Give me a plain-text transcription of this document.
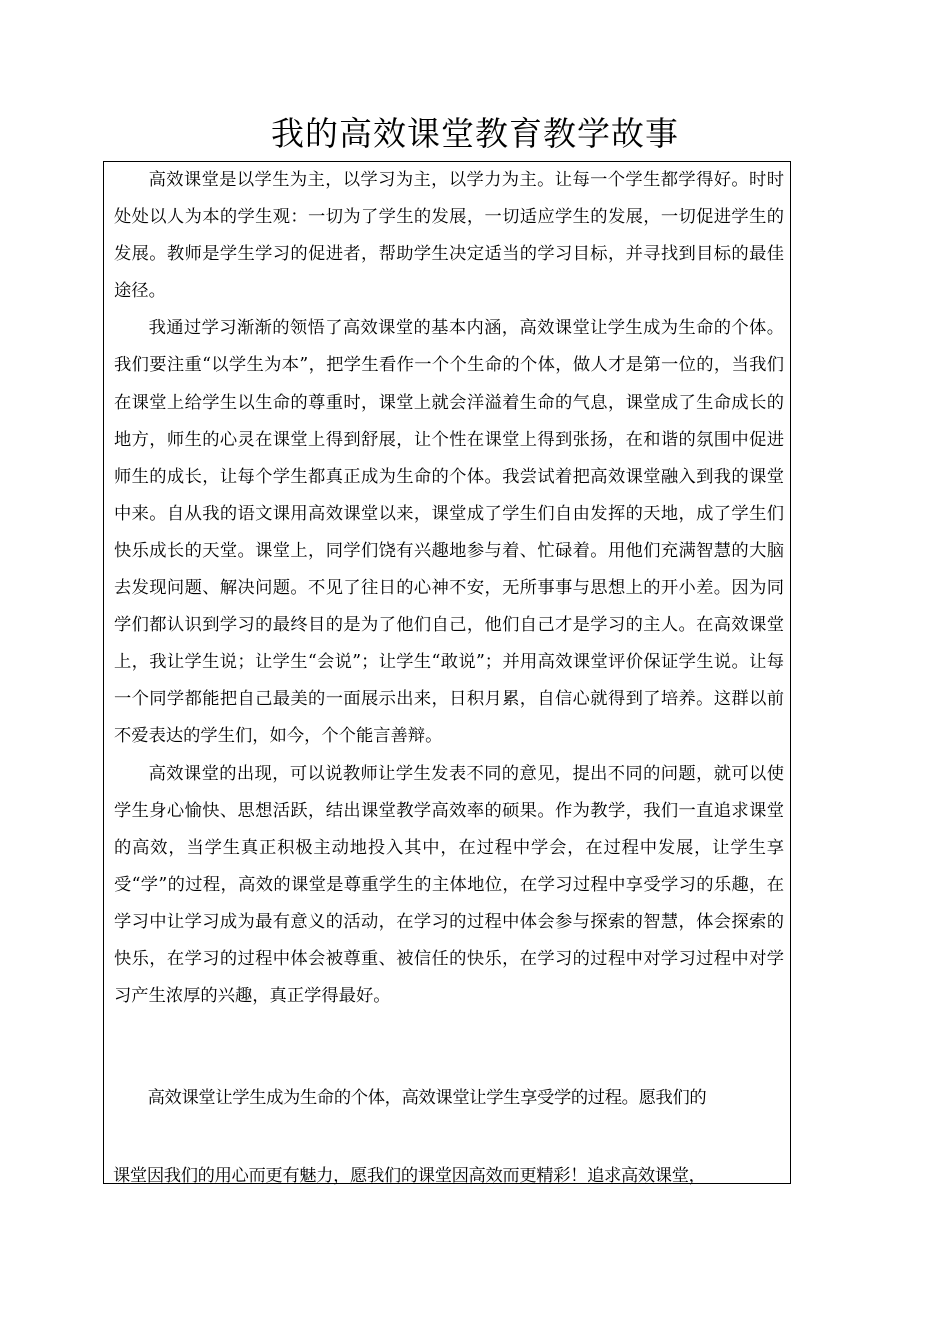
我的高效课堂教育教学故事

高效课堂是以学生为主，以学习为主，以学力为主。让每一个学生都学得好。时时处处以人为本的学生观：一切为了学生的发展，一切适应学生的发展，一切促进学生的发展。教师是学生学习的促进者，帮助学生决定适当的学习目标，并寻找到目标的最佳途径。

我通过学习渐渐的领悟了高效课堂的基本内涵，高效课堂让学生成为生命的个体。我们要注重“以学生为本”，把学生看作一个个生命的个体，做人才是第一位的，当我们在课堂上给学生以生命的尊重时，课堂上就会洋溢着生命的气息，课堂成了生命成长的地方，师生的心灵在课堂上得到舒展，让个性在课堂上得到张扬，在和谐的氛围中促进师生的成长，让每个学生都真正成为生命的个体。我尝试着把高效课堂融入到我的课堂中来。自从我的语文课用高效课堂以来，课堂成了学生们自由发挥的天地，成了学生们快乐成长的天堂。课堂上，同学们饶有兴趣地参与着、忙碌着。用他们充满智慧的大脑去发现问题、解决问题。不见了往日的心神不安，无所事事与思想上的开小差。因为同学们都认识到学习的最终目的是为了他们自己，他们自己才是学习的主人。在高效课堂上，我让学生说；让学生“会说”；让学生“敢说”；并用高效课堂评价保证学生说。让每一个同学都能把自己最美的一面展示出来，日积月累，自信心就得到了培养。这群以前不爱表达的学生们，如今，个个能言善辩。

高效课堂的出现，可以说教师让学生发表不同的意见，提出不同的问题，就可以使学生身心愉快、思想活跃，结出课堂教学高效率的硕果。作为教学，我们一直追求课堂的高效，当学生真正积极主动地投入其中，在过程中学会，在过程中发展，让学生享受“学”的过程，高效的课堂是尊重学生的主体地位，在学习过程中享受学习的乐趣，在学习中让学习成为最有意义的活动，在学习的过程中体会参与探索的智慧，体会探索的快乐，在学习的过程中体会被尊重、被信任的快乐，在学习的过程中对学习过程中对学习产生浓厚的兴趣，真正学得最好。

高效课堂让学生成为生命的个体，高效课堂让学生享受学的过程。愿我们的
课堂因我们的用心而更有魅力，愿我们的课堂因高效而更精彩！追求高效课堂，
